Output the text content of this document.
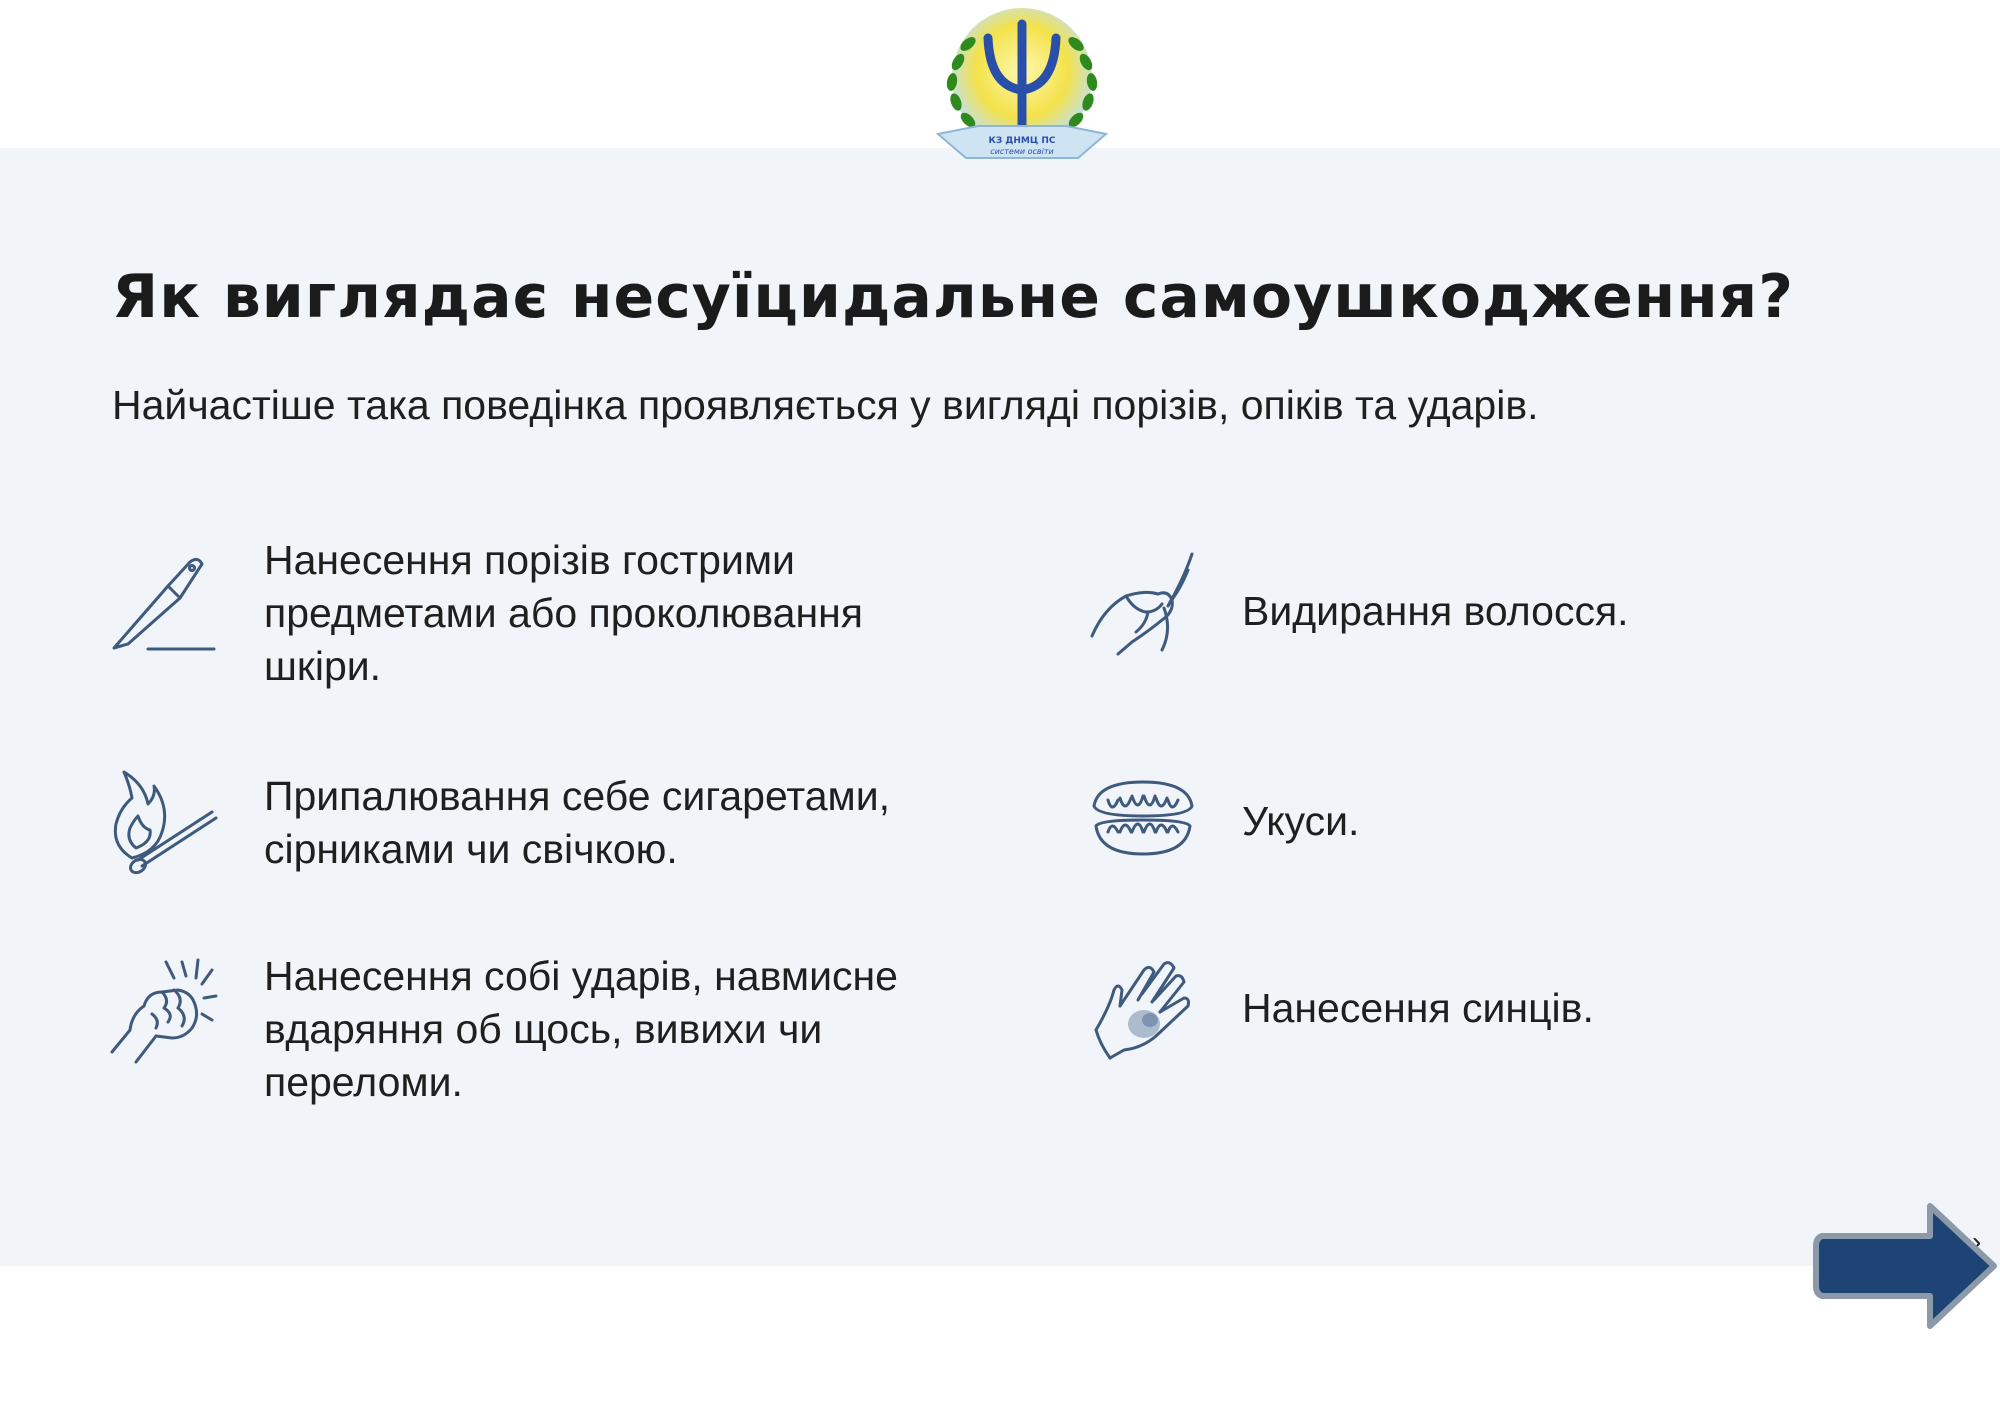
КЗ ДНМЦ ПС
системи освіти
Як виглядає несуїцидальне самоушкодження?
Найчастіше така поведінка проявляється у вигляді порізів, опіків та ударів.
Нанесення порізів гострими
предметами або проколювання
шкіри.
Видирання волосся.
Припалювання себе сигаретами,
сірниками чи свічкою.
Укуси.
Нанесення собі ударів, навмисне
вдаряння об щось, вивихи чи
переломи.
Нанесення синців.
›
